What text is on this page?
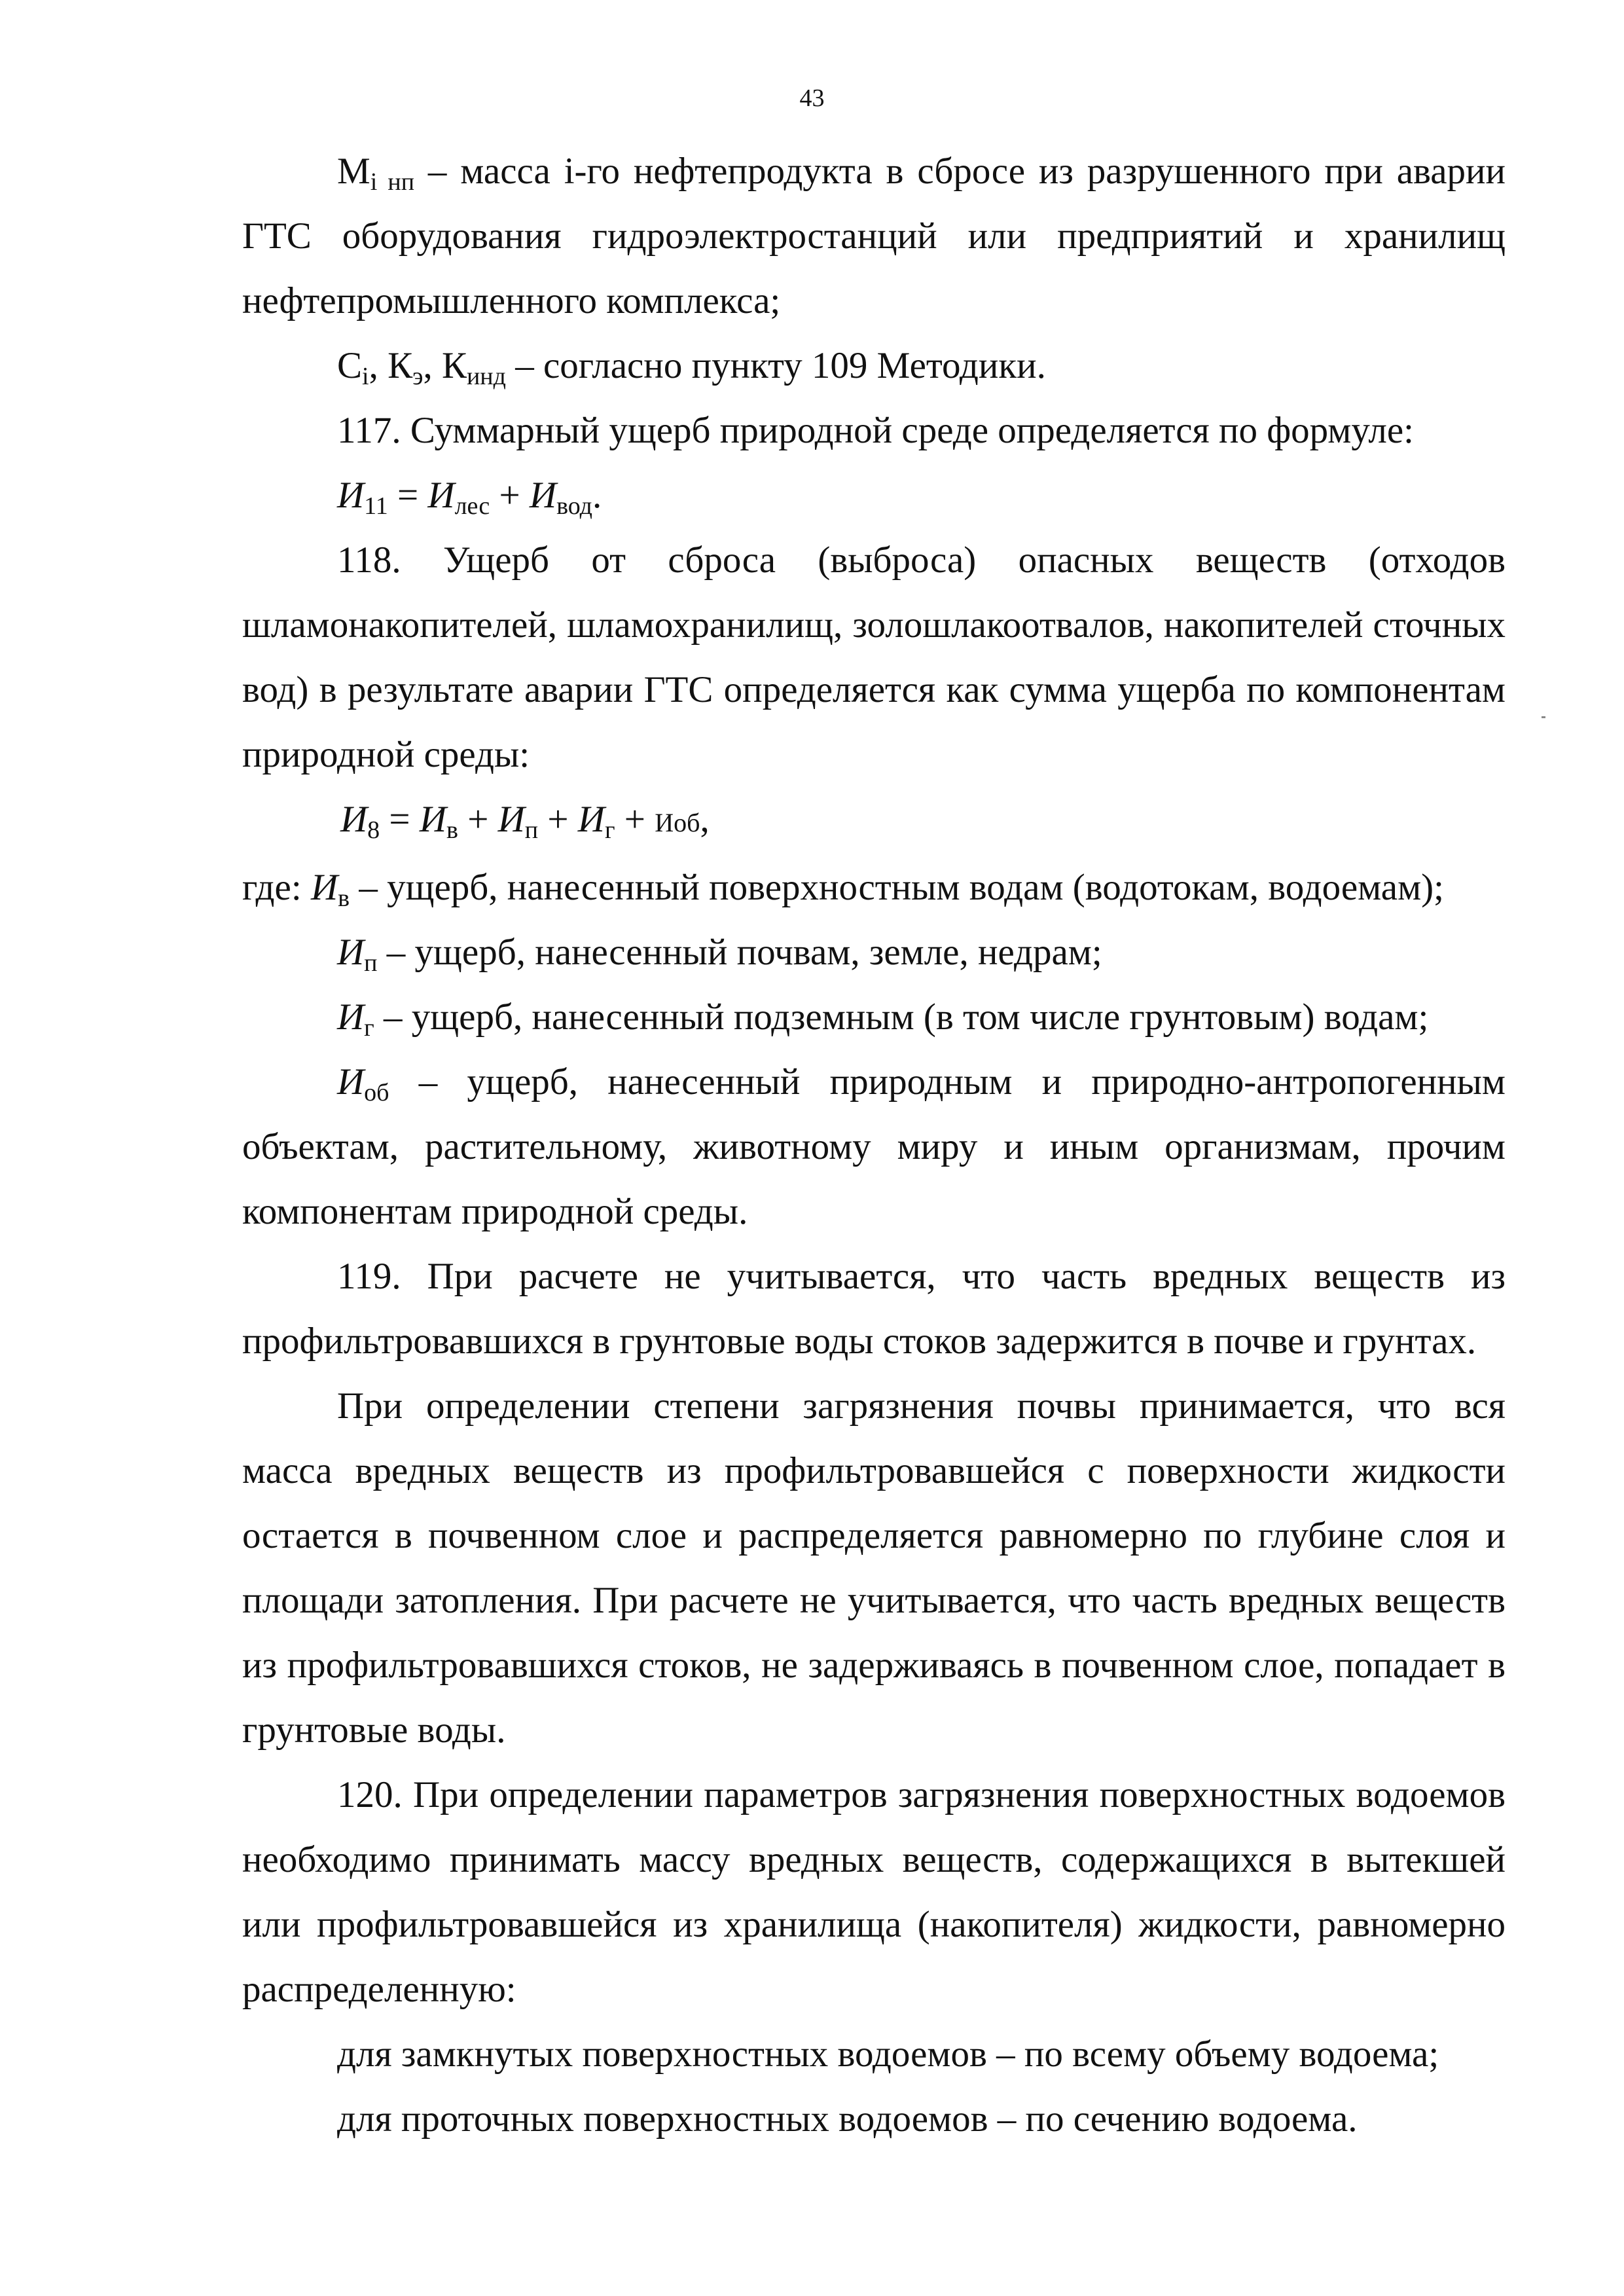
43

$M_{i нп}$ – масса i-го нефтепродукта в сбросе из разрушенного при аварии ГТС оборудования гидроэлектростанций или предприятий и хранилищ нефтепромышленного комплекса;

$C_i$, $К_э$, $К_{инд}$ – согласно пункту 109 Методики.

117. Суммарный ущерб природной среде определяется по формуле:

$И_{11} = И_{лес} + И_{вод}$.

118. Ущерб от сброса (выброса) опасных веществ (отходов шламонакопителей, шламохранилищ, золошлакоотвалов, накопителей сточных вод) в результате аварии ГТС определяется как сумма ущерба по компонентам природной среды:

$И_8 = И_в + И_п + И_г$ + Иоб,

где: $И_в$ – ущерб, нанесенный поверхностным водам (водотокам, водоемам);

$И_п$ – ущерб, нанесенный почвам, земле, недрам;

$И_г$ – ущерб, нанесенный подземным (в том числе грунтовым) водам;

$И_{об}$ – ущерб, нанесенный природным и природно-антропогенным объектам, растительному, животному миру и иным организмам, прочим компонентам природной среды.

119. При расчете не учитывается, что часть вредных веществ из профильтровавшихся в грунтовые воды стоков задержится в почве и грунтах.

При определении степени загрязнения почвы принимается, что вся масса вредных веществ из профильтровавшейся с поверхности жидкости остается в почвенном слое и распределяется равномерно по глубине слоя и площади затопления. При расчете не учитывается, что часть вредных веществ из профильтровавшихся стоков, не задерживаясь в почвенном слое, попадает в грунтовые воды.

120. При определении параметров загрязнения поверхностных водоемов необходимо принимать массу вредных веществ, содержащихся в вытекшей или профильтровавшейся из хранилища (накопителя) жидкости, равномерно распределенную:

для замкнутых поверхностных водоемов – по всему объему водоема;

для проточных поверхностных водоемов – по сечению водоема.
